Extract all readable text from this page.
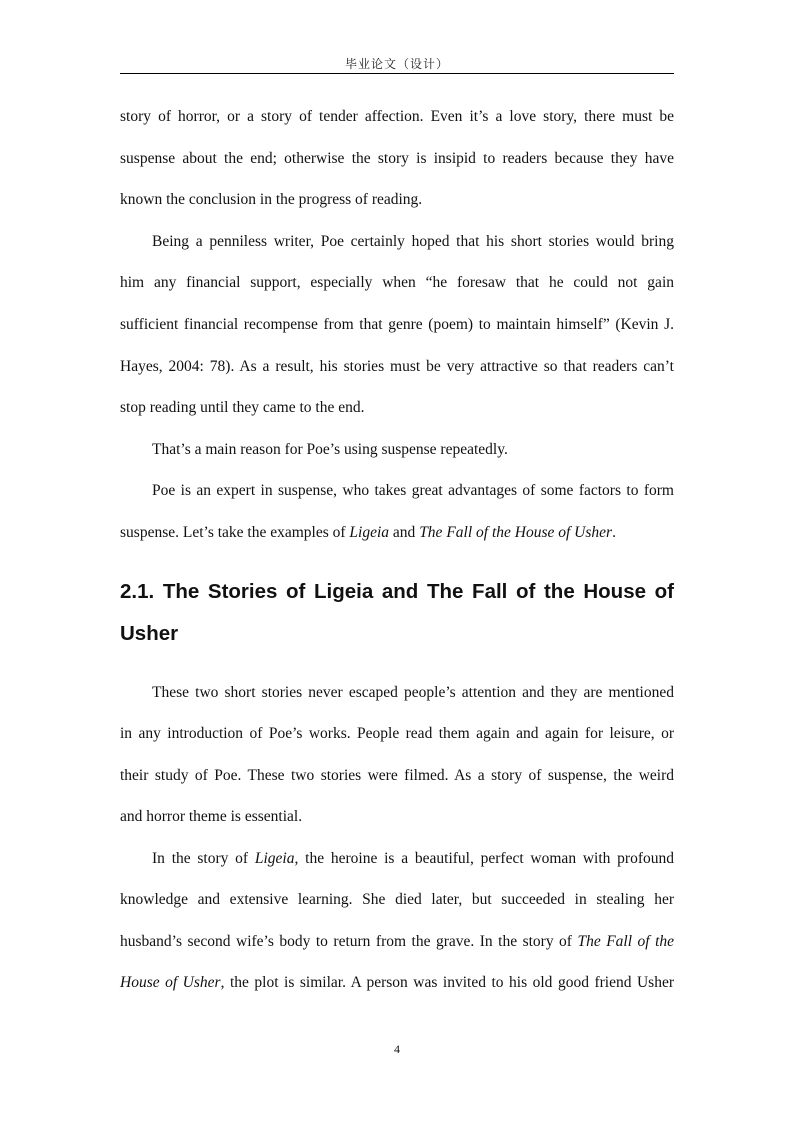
毕业论文（设计）
story of horror, or a story of tender affection. Even it’s a love story, there must be
suspense about the end; otherwise the story is insipid to readers because they have
known the conclusion in the progress of reading.
Being a penniless writer, Poe certainly hoped that his short stories would bring
him any financial support, especially when “he foresaw that he could not gain
sufficient financial recompense from that genre (poem) to maintain himself” (Kevin J.
Hayes, 2004: 78). As a result, his stories must be very attractive so that readers can’t
stop reading until they came to the end.
That’s a main reason for Poe’s using suspense repeatedly.
Poe is an expert in suspense, who takes great advantages of some factors to form
suspense. Let’s take the examples of Ligeia and The Fall of the House of Usher.
2.1. The Stories of Ligeia and The Fall of the House of
Usher
These two short stories never escaped people’s attention and they are mentioned
in any introduction of Poe’s works. People read them again and again for leisure, or
their study of Poe. These two stories were filmed. As a story of suspense, the weird
and horror theme is essential.
In the story of Ligeia, the heroine is a beautiful, perfect woman with profound
knowledge and extensive learning. She died later, but succeeded in stealing her
husband’s second wife’s body to return from the grave. In the story of The Fall of the
House of Usher, the plot is similar. A person was invited to his old good friend Usher
4
